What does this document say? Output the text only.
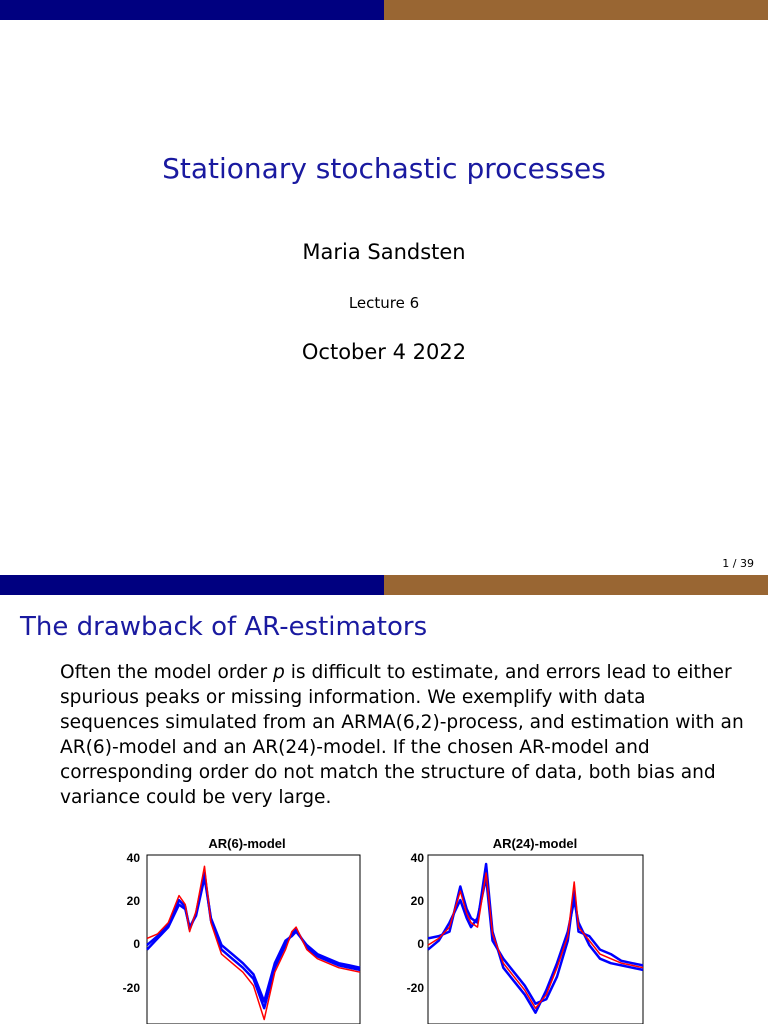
Stationary stochastic processes
Maria Sandsten
Lecture 6
October 4 2022
1 / 39
The drawback of AR-estimators
Often the model order p is difficult to estimate, and errors lead to either spurious peaks or missing information. We exemplify with data sequences simulated from an ARMA(6,2)-process, and estimation with an AR(6)-model and an AR(24)-model. If the chosen AR-model and corresponding order do not match the structure of data, both bias and variance could be very large.
AR(6)-model
40
20
0
-20
AR(24)-model
40
20
0
-20
